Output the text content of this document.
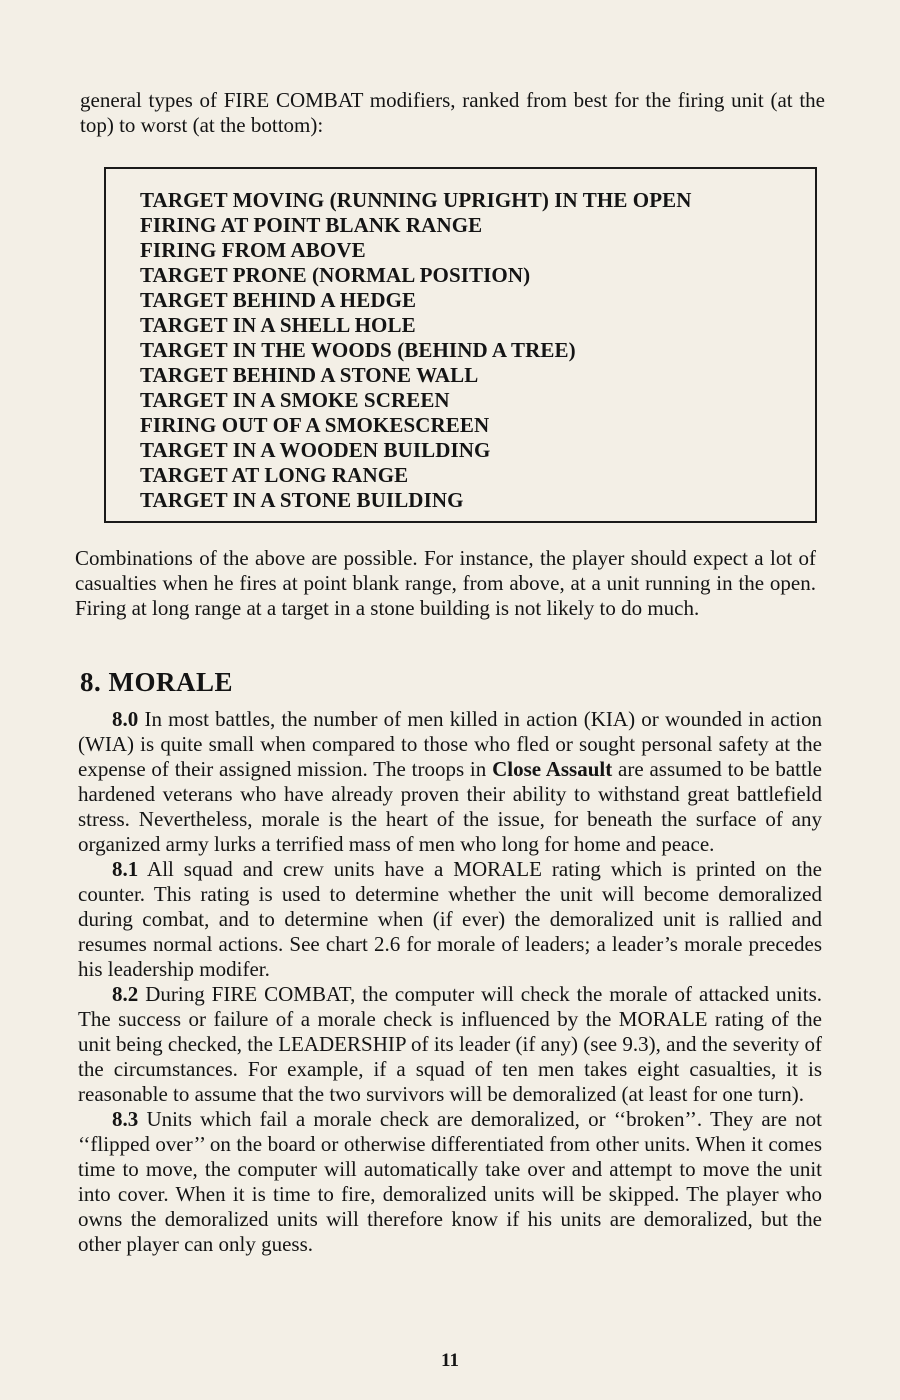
general types of FIRE COMBAT modifiers, ranked from best for the firing unit (at the top) to worst (at the bottom):

TARGET MOVING (RUNNING UPRIGHT) IN THE OPEN
FIRING AT POINT BLANK RANGE
FIRING FROM ABOVE
TARGET PRONE (NORMAL POSITION)
TARGET BEHIND A HEDGE
TARGET IN A SHELL HOLE
TARGET IN THE WOODS (BEHIND A TREE)
TARGET BEHIND A STONE WALL
TARGET IN A SMOKE SCREEN
FIRING OUT OF A SMOKESCREEN
TARGET IN A WOODEN BUILDING
TARGET AT LONG RANGE
TARGET IN A STONE BUILDING

Combinations of the above are possible. For instance, the player should expect a lot of casualties when he fires at point blank range, from above, at a unit running in the open. Firing at long range at a target in a stone building is not likely to do much.

8. MORALE

8.0 In most battles, the number of men killed in action (KIA) or wounded in action (WIA) is quite small when compared to those who fled or sought personal safety at the expense of their assigned mission. The troops in Close Assault are assumed to be battle hardened veterans who have already proven their ability to withstand great battlefield stress. Nevertheless, morale is the heart of the issue, for beneath the surface of any organized army lurks a terrified mass of men who long for home and peace.

8.1 All squad and crew units have a MORALE rating which is printed on the counter. This rating is used to determine whether the unit will become demoralized during combat, and to determine when (if ever) the demoralized unit is rallied and resumes normal actions. See chart 2.6 for morale of leaders; a leader’s morale precedes his leadership modifer.

8.2 During FIRE COMBAT, the computer will check the morale of attacked units. The success or failure of a morale check is influenced by the MORALE rating of the unit being checked, the LEADERSHIP of its leader (if any) (see 9.3), and the severity of the circumstances. For example, if a squad of ten men takes eight casualties, it is reasonable to assume that the two survivors will be demoralized (at least for one turn).

8.3 Units which fail a morale check are demoralized, or ‘‘broken’’. They are not ‘‘flipped over’’ on the board or otherwise differentiated from other units. When it comes time to move, the computer will automatically take over and attempt to move the unit into cover. When it is time to fire, demoralized units will be skipped. The player who owns the demoralized units will therefore know if his units are demoralized, but the other player can only guess.

11
